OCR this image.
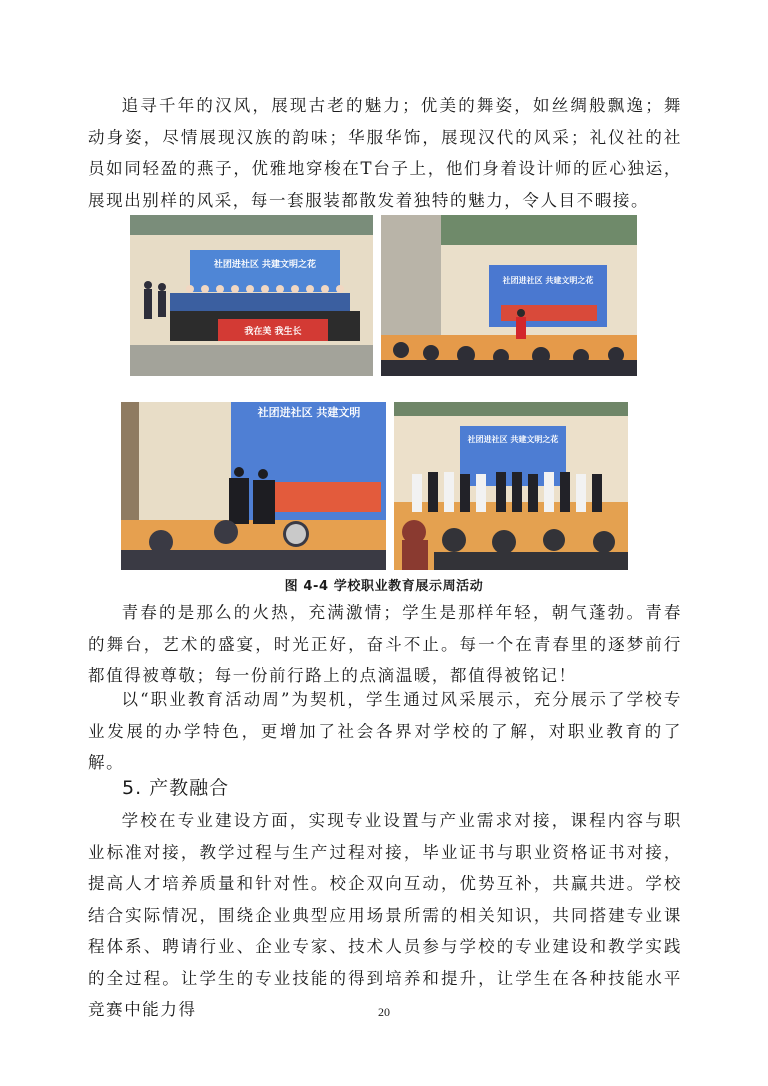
追寻千年的汉风，展现古老的魅力；优美的舞姿，如丝绸般飘逸；舞动身姿，尽情展现汉族的韵味；华服华饰，展现汉代的风采；礼仪社的社员如同轻盈的燕子，优雅地穿梭在T台子上，他们身着设计师的匠心独运，展现出别样的风采，每一套服装都散发着独特的魅力，令人目不暇接。

社团进社区 共建文明之花
我在美 我生长
社团进社区 共建文明之花
社团进社区 共建文明
社团进社区 共建文明之花
图 4-4 学校职业教育展示周活动

青春的是那么的火热，充满激情；学生是那样年轻，朝气蓬勃。青春的舞台，艺术的盛宴，时光正好，奋斗不止。每一个在青春里的逐梦前行都值得被尊敬；每一份前行路上的点滴温暖，都值得被铭记！

以“职业教育活动周”为契机，学生通过风采展示，充分展示了学校专业发展的办学特色，更增加了社会各界对学校的了解，对职业教育的了解。

5. 产教融合

学校在专业建设方面，实现专业设置与产业需求对接，课程内容与职业标准对接，教学过程与生产过程对接，毕业证书与职业资格证书对接，提高人才培养质量和针对性。校企双向互动，优势互补，共赢共进。学校结合实际情况，围绕企业典型应用场景所需的相关知识，共同搭建专业课程体系、聘请行业、企业专家、技术人员参与学校的专业建设和教学实践的全过程。让学生的专业技能的得到培养和提升，让学生在各种技能水平竞赛中能力得	20
